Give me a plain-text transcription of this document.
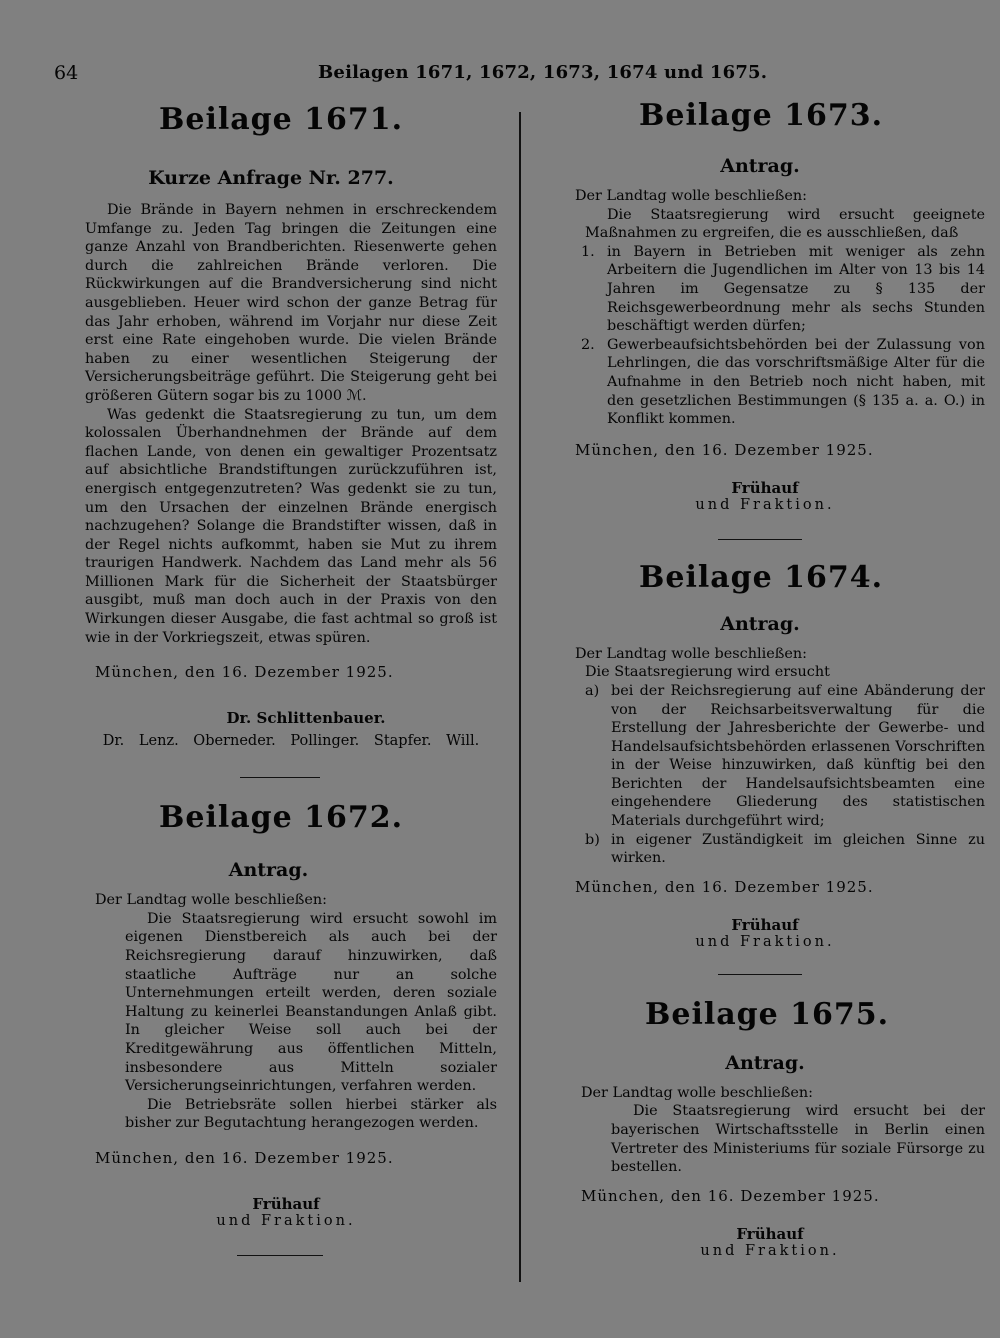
64	Beilagen 1671, 1672, 1673, 1674 und 1675.
Beilage 1671.
Kurze Anfrage Nr. 277.

Die Brände in Bayern nehmen in erschreckendem Umfange zu. Jeden Tag bringen die Zeitungen eine ganze Anzahl von Brandberichten. Riesenwerte gehen durch die zahlreichen Brände verloren. Die Rückwirkungen auf die Brandversicherung sind nicht ausgeblieben. Heuer wird schon der ganze Betrag für das Jahr erhoben, während im Vorjahr nur diese Zeit erst eine Rate eingehoben wurde. Die vielen Brände haben zu einer wesentlichen Steigerung der Versicherungsbeiträge geführt. Die Steigerung geht bei größeren Gütern sogar bis zu 1000 ℳ.

Was gedenkt die Staatsregierung zu tun, um dem kolossalen Überhandnehmen der Brände auf dem flachen Lande, von denen ein gewaltiger Prozentsatz auf absichtliche Brandstiftungen zurückzuführen ist, energisch entgegenzutreten? Was gedenkt sie zu tun, um den Ursachen der einzelnen Brände energisch nachzugehen? Solange die Brandstifter wissen, daß in der Regel nichts aufkommt, haben sie Mut zu ihrem traurigen Handwerk. Nachdem das Land mehr als 56 Millionen Mark für die Sicherheit der Staatsbürger ausgibt, muß man doch auch in der Praxis von den Wirkungen dieser Ausgabe, die fast achtmal so groß ist wie in der Vorkriegszeit, etwas spüren.

München, den 16. Dezember 1925.

Dr. Schlittenbauer.

Dr. Lenz. Oberneder. Pollinger. Stapfer. Will.

Beilage 1672.
Antrag.

Der Landtag wolle beschließen:

Die Staatsregierung wird ersucht sowohl im eigenen Dienstbereich als auch bei der Reichsregierung darauf hinzuwirken, daß staatliche Aufträge nur an solche Unternehmungen erteilt werden, deren soziale Haltung zu keinerlei Beanstandungen Anlaß gibt. In gleicher Weise soll auch bei der Kreditgewährung aus öffentlichen Mitteln, insbesondere aus Mitteln sozialer Versicherungseinrichtungen, verfahren werden.

Die Betriebsräte sollen hierbei stärker als bisher zur Begutachtung herangezogen werden.

München, den 16. Dezember 1925.

Frühauf

und Fraktion.

Beilage 1673.
Antrag.

Der Landtag wolle beschließen:

Die Staatsregierung wird ersucht geeignete Maßnahmen zu ergreifen, die es ausschließen, daß

1. in Bayern in Betrieben mit weniger als zehn Arbeitern die Jugendlichen im Alter von 13 bis 14 Jahren im Gegensatze zu § 135 der Reichsgewerbeordnung mehr als sechs Stunden beschäftigt werden dürfen;
2. Gewerbeaufsichtsbehörden bei der Zulassung von Lehrlingen, die das vorschriftsmäßige Alter für die Aufnahme in den Betrieb noch nicht haben, mit den gesetzlichen Bestimmungen (§ 135 a. a. O.) in Konflikt kommen.

München, den 16. Dezember 1925.

Frühauf

und Fraktion.

Beilage 1674.
Antrag.

Der Landtag wolle beschließen:

Die Staatsregierung wird ersucht

a) bei der Reichsregierung auf eine Abänderung der von der Reichsarbeitsverwaltung für die Erstellung der Jahresberichte der Gewerbe- und Handelsaufsichtsbehörden erlassenen Vorschriften in der Weise hinzuwirken, daß künftig bei den Berichten der Handelsaufsichtsbeamten eine eingehendere Gliederung des statistischen Materials durchgeführt wird;
b) in eigener Zuständigkeit im gleichen Sinne zu wirken.

München, den 16. Dezember 1925.

Frühauf

und Fraktion.

Beilage 1675.
Antrag.

Der Landtag wolle beschließen:

Die Staatsregierung wird ersucht bei der bayerischen Wirtschaftsstelle in Berlin einen Vertreter des Ministeriums für soziale Fürsorge zu bestellen.

München, den 16. Dezember 1925.

Frühauf

und Fraktion.
